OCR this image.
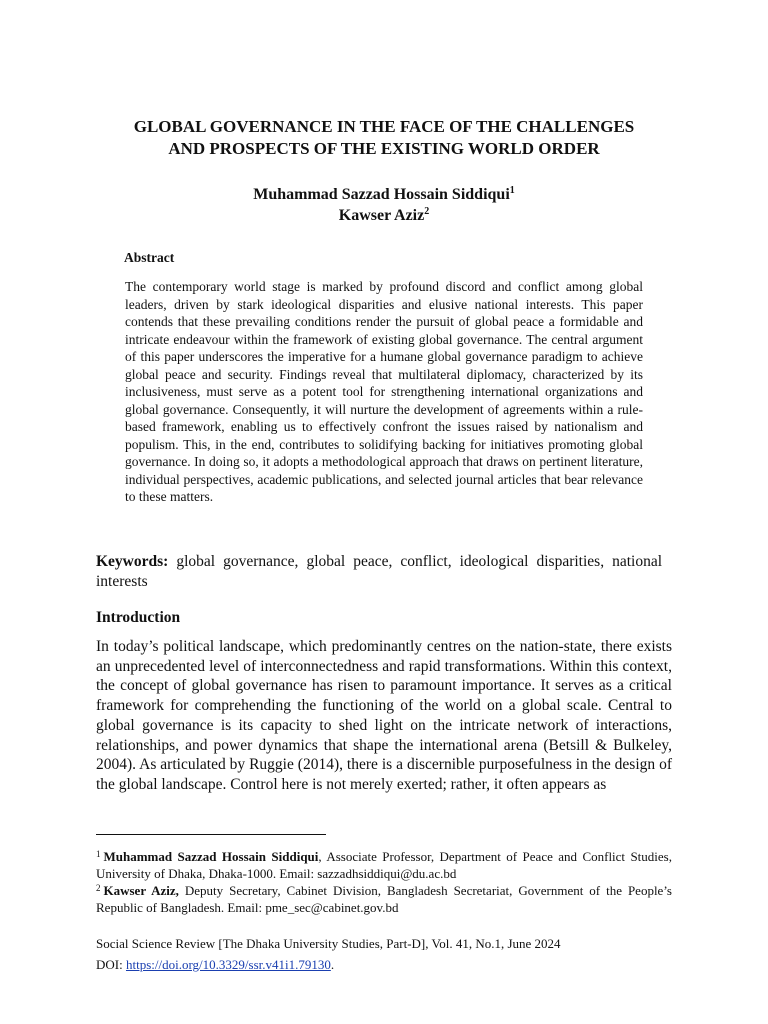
GLOBAL GOVERNANCE IN THE FACE OF THE CHALLENGES
AND PROSPECTS OF THE EXISTING WORLD ORDER
Muhammad Sazzad Hossain Siddiqui$^1$
Kawser Aziz$^2$
Abstract

The contemporary world stage is marked by profound discord and conflict among global leaders, driven by stark ideological disparities and elusive national interests. This paper contends that these prevailing conditions render the pursuit of global peace a formidable and intricate endeavour within the framework of existing global governance. The central argument of this paper underscores the imperative for a humane global governance paradigm to achieve global peace and security. Findings reveal that multilateral diplomacy, characterized by its inclusiveness, must serve as a potent tool for strengthening international organizations and global governance. Consequently, it will nurture the development of agreements within a rule-based framework, enabling us to effectively confront the issues raised by nationalism and populism. This, in the end, contributes to solidifying backing for initiatives promoting global governance. In doing so, it adopts a methodological approach that draws on pertinent literature, individual perspectives, academic publications, and selected journal articles that bear relevance to these matters.

Keywords: global governance, global peace, conflict, ideological disparities, national interests

Introduction

In today’s political landscape, which predominantly centres on the nation-state, there exists an unprecedented level of interconnectedness and rapid transformations. Within this context, the concept of global governance has risen to paramount importance. It serves as a critical framework for comprehending the functioning of the world on a global scale. Central to global governance is its capacity to shed light on the intricate network of interactions, relationships, and power dynamics that shape the international arena (Betsill & Bulkeley, 2004). As articulated by Ruggie (2014), there is a discernible purposefulness in the design of the global landscape. Control here is not merely exerted; rather, it often appears as

$^1$ Muhammad Sazzad Hossain Siddiqui, Associate Professor, Department of Peace and Conflict Studies, University of Dhaka, Dhaka-1000. Email: sazzadhsiddiqui@du.ac.bd

$^2$ Kawser Aziz, Deputy Secretary, Cabinet Division, Bangladesh Secretariat, Government of the People’s Republic of Bangladesh. Email: pme_sec@cabinet.gov.bd

Social Science Review [The Dhaka University Studies, Part-D], Vol. 41, No.1, June 2024
DOI: https://doi.org/10.3329/ssr.v41i1.79130.
